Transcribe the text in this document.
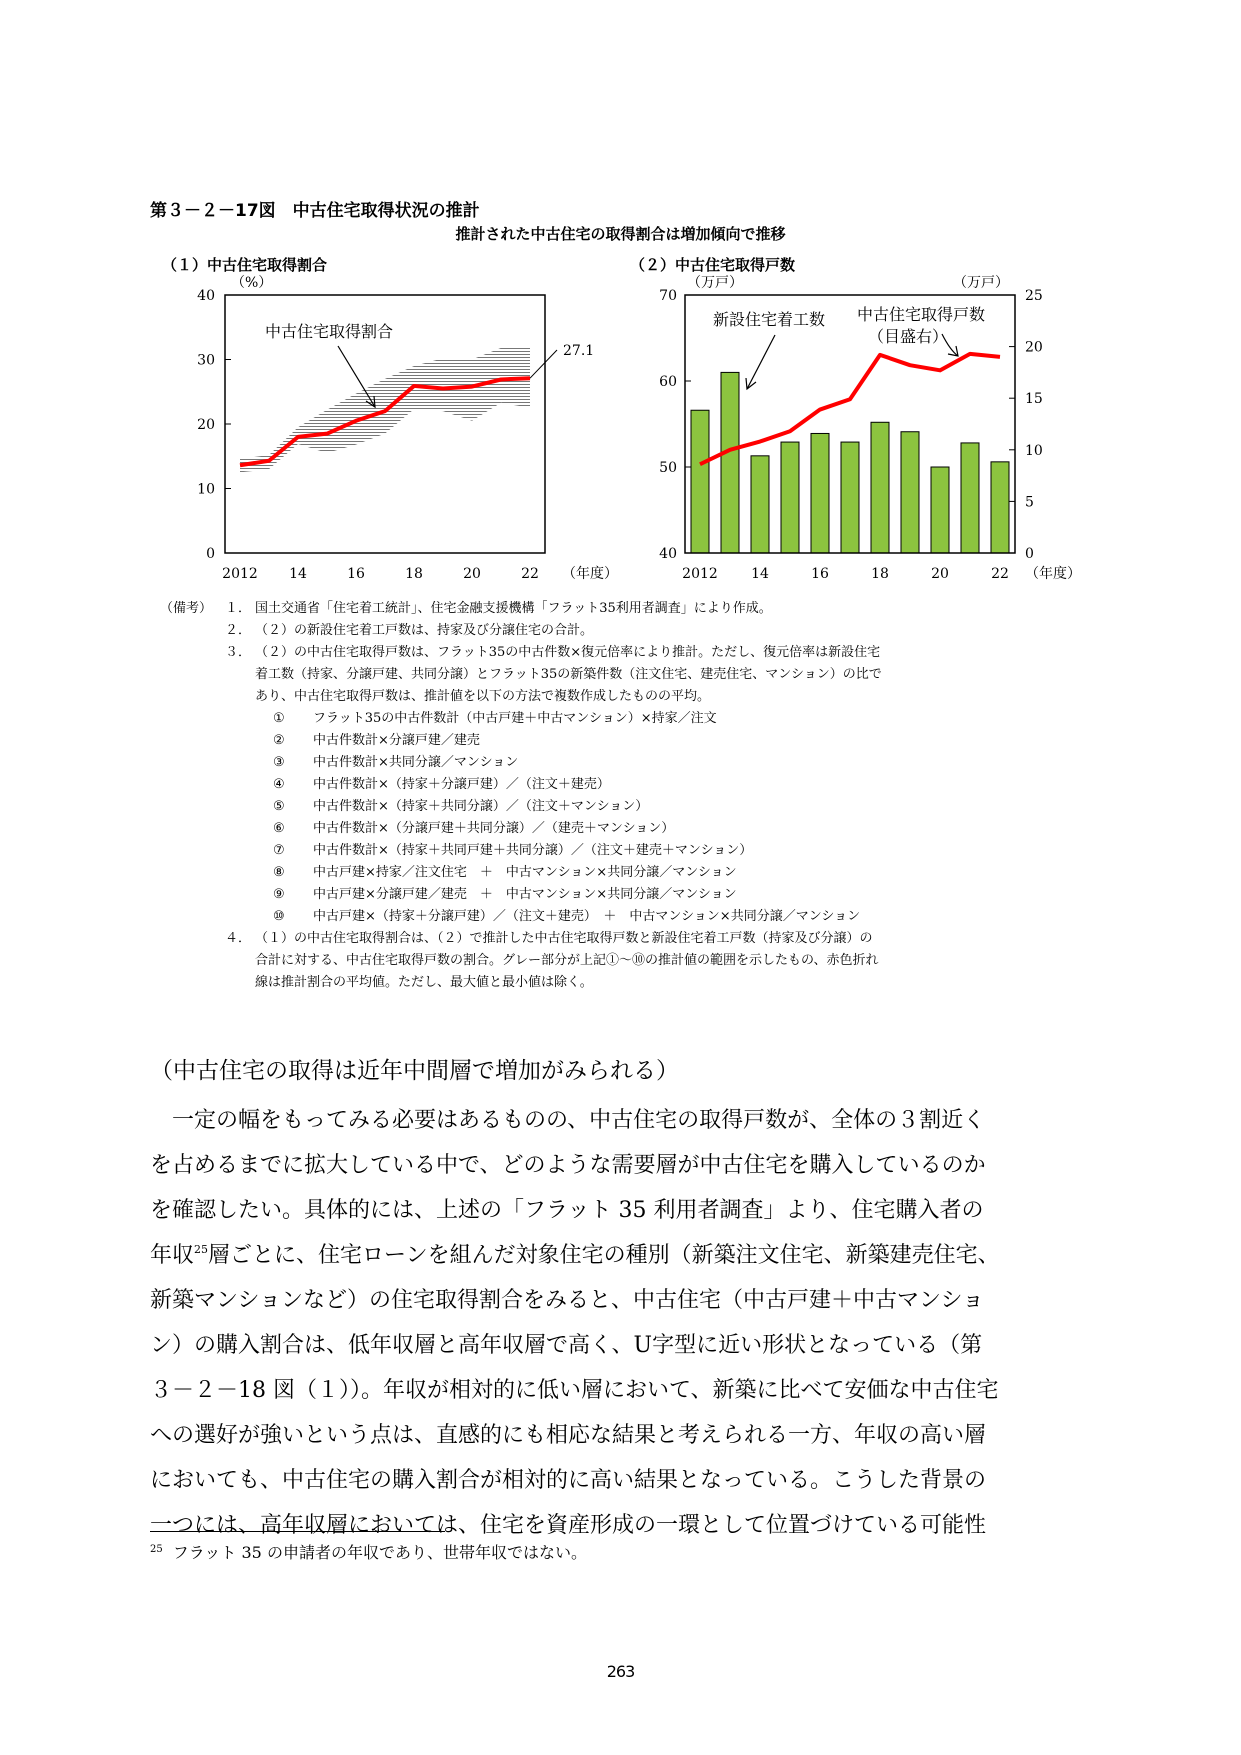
第３－２－17図　中古住宅取得状況の推計
推計された中古住宅の取得割合は増加傾向で推移
（１）中古住宅取得割合	（２）中古住宅取得戸数
0
10
20
30
40
（%）
2012 14	16	18	20	22 （年度）
中古住宅取得割合
27.1
40
50
60
70
0
5
10
15
20
25
（万戸）	（万戸）
2012 14	16	18	20	22 （年度）
新設住宅着工数 中古住宅取得戸数
（目盛右）
（備考） １． 国土交通省「住宅着工統計」、住宅金融支援機構「フラット35利用者調査」により作成。
２． （２）の新設住宅着工戸数は、持家及び分譲住宅の合計。
３． （２）の中古住宅取得戸数は、フラット35の中古件数×復元倍率により推計。ただし、復元倍率は新設住宅
着工数（持家、分譲戸建、共同分譲）とフラット35の新築件数（注文住宅、建売住宅、マンション）の比で
あり、中古住宅取得戸数は、推計値を以下の方法で複数作成したものの平均。
①	フラット35の中古件数計（中古戸建＋中古マンション）×持家／注文
②	中古件数計×分譲戸建／建売
③	中古件数計×共同分譲／マンション
④	中古件数計×（持家＋分譲戸建）／（注文＋建売）
⑤	中古件数計×（持家＋共同分譲）／（注文＋マンション）
⑥	中古件数計×（分譲戸建＋共同分譲）／（建売＋マンション）
⑦	中古件数計×（持家＋共同戸建＋共同分譲）／（注文＋建売＋マンション）
⑧	中古戸建×持家／注文住宅　＋　中古マンション×共同分譲／マンション
⑨	中古戸建×分譲戸建／建売　＋　中古マンション×共同分譲／マンション
⑩	中古戸建×（持家＋分譲戸建）／（注文＋建売）　＋　中古マンション×共同分譲／マンション
４． （１）の中古住宅取得割合は、（２）で推計した中古住宅取得戸数と新設住宅着工戸数（持家及び分譲）の
合計に対する、中古住宅取得戸数の割合。グレー部分が上記①～⑩の推計値の範囲を示したもの、赤色折れ
線は推計割合の平均値。ただし、最大値と最小値は除く。
（中古住宅の取得は近年中間層で増加がみられる）
　一定の幅をもってみる必要はあるものの、中古住宅の取得戸数が、全体の３割近く
を占めるまでに拡大している中で、どのような需要層が中古住宅を購入しているのか
を確認したい。具体的には、上述の「フラット 35 利用者調査」より、住宅購入者の
年収$^{25}$層ごとに、住宅ローンを組んだ対象住宅の種別（新築注文住宅、新築建売住宅、
新築マンションなど）の住宅取得割合をみると、中古住宅（中古戸建＋中古マンショ
ン）の購入割合は、低年収層と高年収層で高く、U字型に近い形状となっている（第
３－２－18 図（１））。年収が相対的に低い層において、新築に比べて安価な中古住宅
への選好が強いという点は、直感的にも相応な結果と考えられる一方、年収の高い層
においても、中古住宅の購入割合が相対的に高い結果となっている。こうした背景の
一つには、高年収層においては、住宅を資産形成の一環として位置づけている可能性
$^{25}$ フラット 35 の申請者の年収であり、世帯年収ではない。
263
